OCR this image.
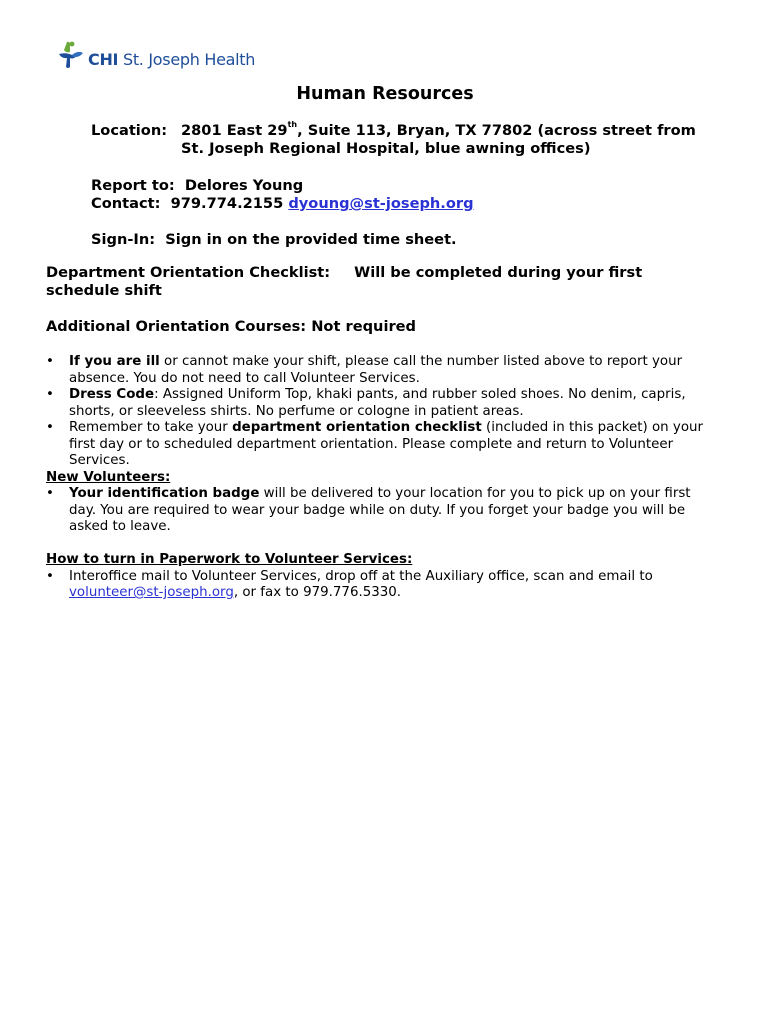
CHI St. Joseph Health
Human Resources
Location: 2801 East 29th, Suite 113, Bryan, TX 77802 (across street from
St. Joseph Regional Hospital, blue awning offices)
Report to: Delores Young
Contact: 979.774.2155 dyoung@st-joseph.org
Sign-In: Sign in on the provided time sheet.
Department Orientation Checklist: Will be completed during your first
schedule shift
Additional Orientation Courses: Not required
• If you are ill or cannot make your shift, please call the number listed above to report your absence. You do not need to call Volunteer Services.
• Dress Code: Assigned Uniform Top, khaki pants, and rubber soled shoes. No denim, capris, shorts, or sleeveless shirts. No perfume or cologne in patient areas.
• Remember to take your department orientation checklist (included in this packet) on your first day or to scheduled department orientation. Please complete and return to Volunteer Services.
New Volunteers:
• Your identification badge will be delivered to your location for you to pick up on your first day. You are required to wear your badge while on duty. If you forget your badge you will be asked to leave.
How to turn in Paperwork to Volunteer Services:
• Interoffice mail to Volunteer Services, drop off at the Auxiliary office, scan and email to volunteer@st-joseph.org, or fax to 979.776.5330.
